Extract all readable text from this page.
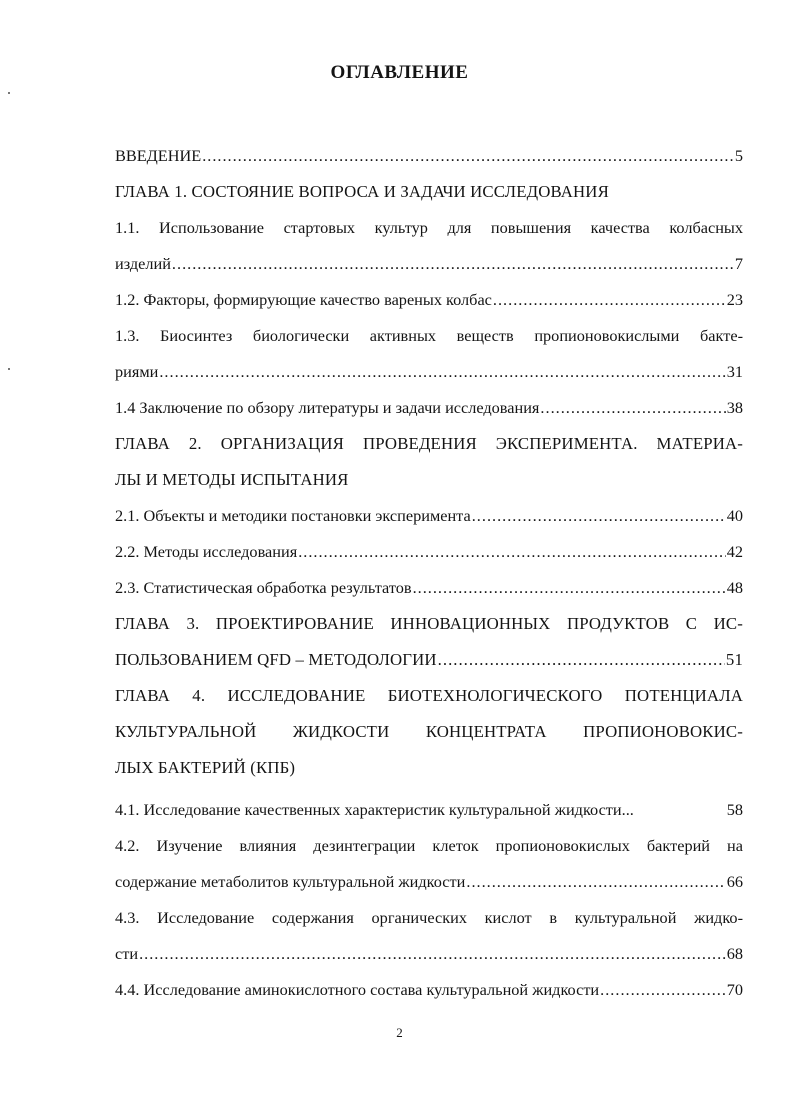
ОГЛАВЛЕНИЕ
ВВЕДЕНИЕ .....	5
ГЛАВА 1. СОСТОЯНИЕ ВОПРОСА И ЗАДАЧИ ИССЛЕДОВАНИЯ
1.1. Использование стартовых культур для повышения качества колбасных
изделий .....	7
1.2. Факторы, формирующие качество вареных колбас .....	23
1.3. Биосинтез биологически активных веществ пропионовокислыми бакте-
риями .....	31
1.4 Заключение по обзору литературы и задачи исследования .....	38
ГЛАВА 2. ОРГАНИЗАЦИЯ ПРОВЕДЕНИЯ ЭКСПЕРИМЕНТА. МАТЕРИА-
ЛЫ И МЕТОДЫ ИСПЫТАНИЯ
2.1. Объекты и методики постановки эксперимента .....	40
2.2. Методы исследования .....	42
2.3. Статистическая обработка результатов .....	48
ГЛАВА 3. ПРОЕКТИРОВАНИЕ ИННОВАЦИОННЫХ ПРОДУКТОВ С ИС-
ПОЛЬЗОВАНИЕМ QFD – МЕТОДОЛОГИИ .....	51
ГЛАВА 4. ИССЛЕДОВАНИЕ БИОТЕХНОЛОГИЧЕСКОГО ПОТЕНЦИАЛА
КУЛЬТУРАЛЬНОЙ ЖИДКОСТИ КОНЦЕНТРАТА ПРОПИОНОВОКИС-
ЛЫХ БАКТЕРИЙ (КПБ)
4.1. Исследование качественных характеристик культуральной жидкости...	58
4.2. Изучение влияния дезинтеграции клеток пропионовокислых бактерий на
содержание метаболитов культуральной жидкости .....	66
4.3. Исследование содержания органических кислот в культуральной жидко-
сти .....	68
4.4. Исследование аминокислотного состава культуральной жидкости .....	70
2
